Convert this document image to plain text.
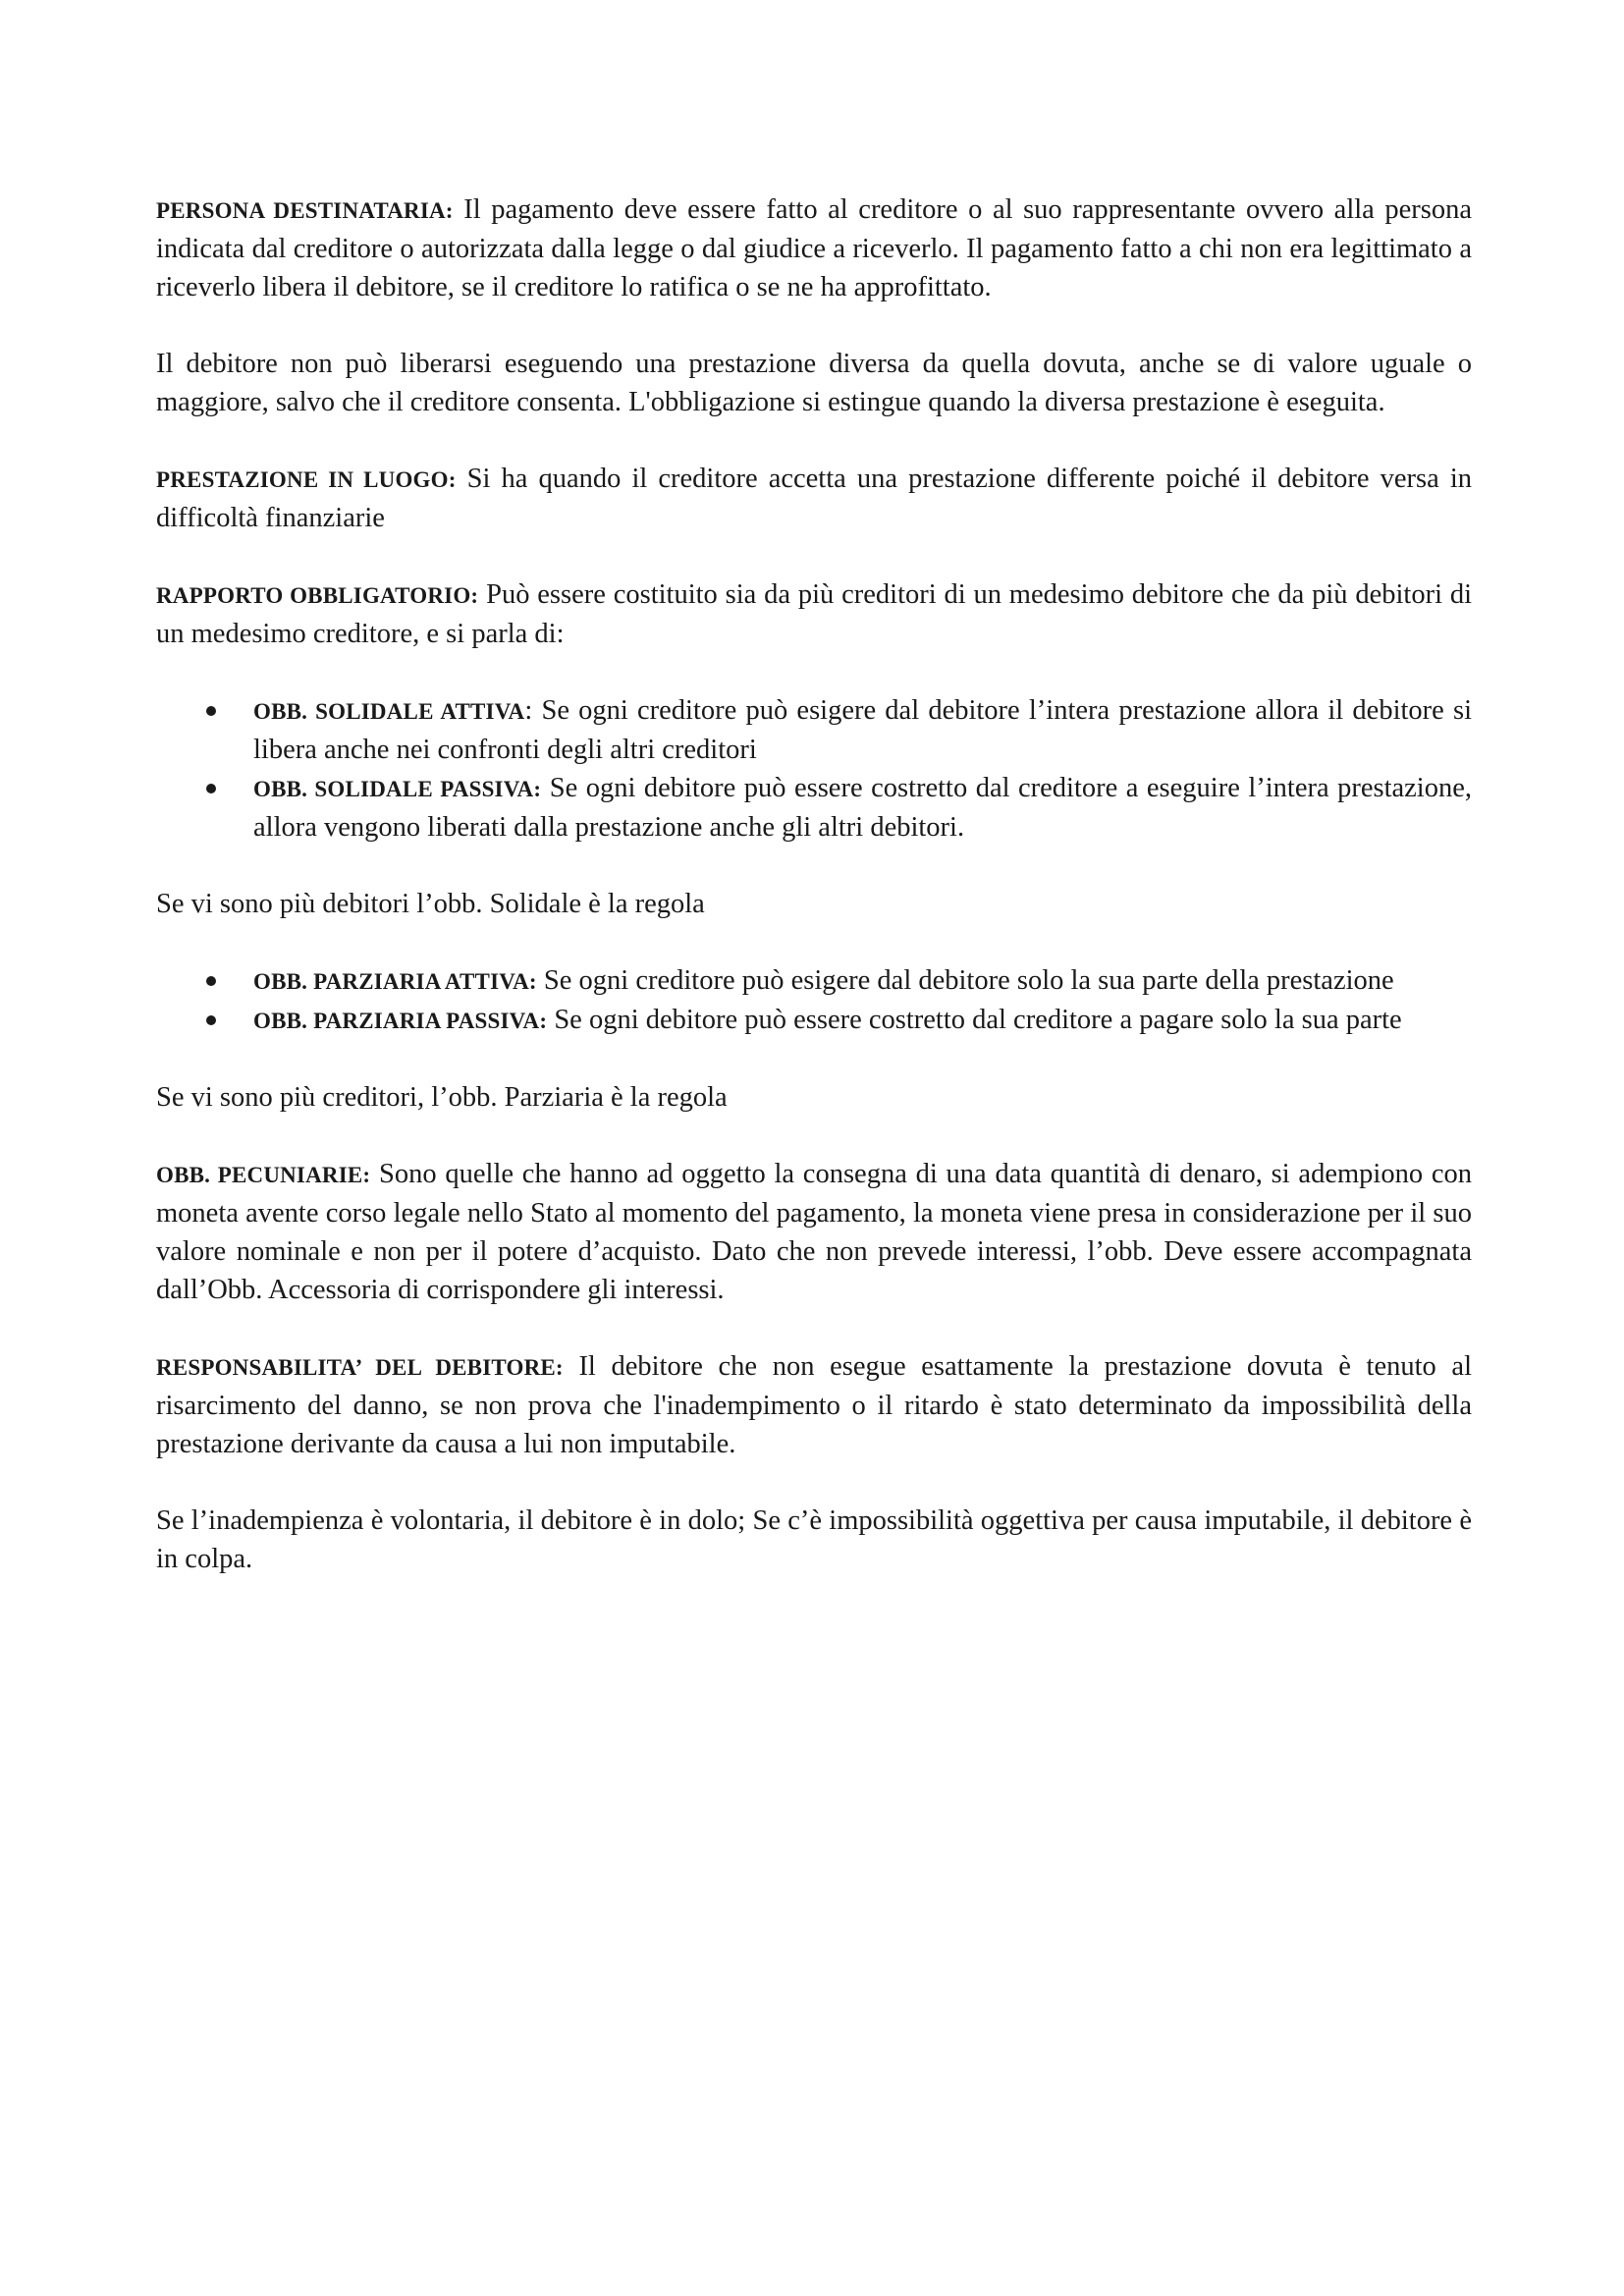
PERSONA DESTINATARIA: Il pagamento deve essere fatto al creditore o al suo rappresentante ovvero alla persona indicata dal creditore o autorizzata dalla legge o dal giudice a riceverlo. Il pagamento fatto a chi non era legittimato a riceverlo libera il debitore, se il creditore lo ratifica o se ne ha approfittato.

Il debitore non può liberarsi eseguendo una prestazione diversa da quella dovuta, anche se di valore uguale o maggiore, salvo che il creditore consenta. L'obbligazione si estingue quando la diversa prestazione è eseguita.

PRESTAZIONE IN LUOGO: Si ha quando il creditore accetta una prestazione differente poiché il debitore versa in difficoltà finanziarie

RAPPORTO OBBLIGATORIO: Può essere costituito sia da più creditori di un medesimo debitore che da più debitori di un medesimo creditore, e si parla di:

OBB. SOLIDALE ATTIVA: Se ogni creditore può esigere dal debitore l’intera prestazione allora il debitore si libera anche nei confronti degli altri creditori
OBB. SOLIDALE PASSIVA: Se ogni debitore può essere costretto dal creditore a eseguire l’intera prestazione, allora vengono liberati dalla prestazione anche gli altri debitori.

Se vi sono più debitori l’obb. Solidale è la regola

OBB. PARZIARIA ATTIVA: Se ogni creditore può esigere dal debitore solo la sua parte della prestazione
OBB. PARZIARIA PASSIVA: Se ogni debitore può essere costretto dal creditore a pagare solo la sua parte

Se vi sono più creditori, l’obb. Parziaria è la regola

OBB. PECUNIARIE: Sono quelle che hanno ad oggetto la consegna di una data quantità di denaro, si adempiono con moneta avente corso legale nello Stato al momento del pagamento, la moneta viene presa in considerazione per il suo valore nominale e non per il potere d’acquisto. Dato che non prevede interessi, l’obb. Deve essere accompagnata dall’Obb. Accessoria di corrispondere gli interessi.

RESPONSABILITA’ DEL DEBITORE: Il debitore che non esegue esattamente la prestazione dovuta è tenuto al risarcimento del danno, se non prova che l'inadempimento o il ritardo è stato determinato da impossibilità della prestazione derivante da causa a lui non imputabile.

Se l’inadempienza è volontaria, il debitore è in dolo; Se c’è impossibilità oggettiva per causa imputabile, il debitore è in colpa.
